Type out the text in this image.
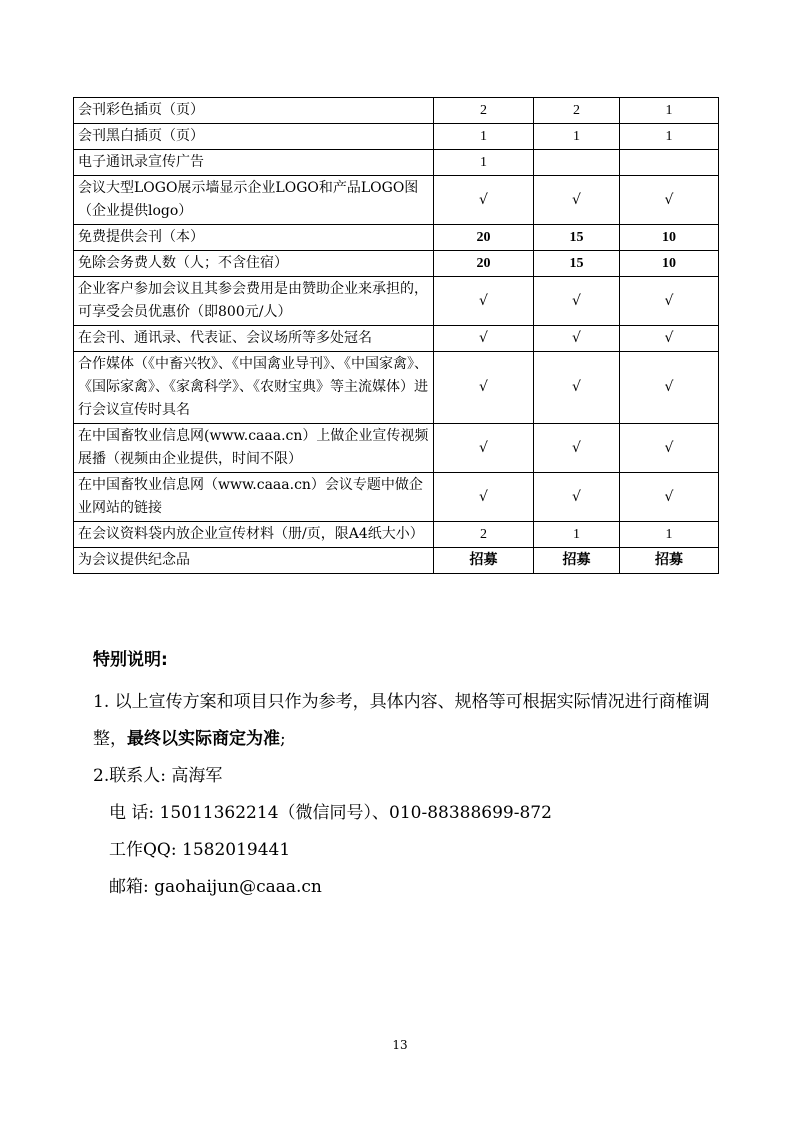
会刊彩色插页（页）	2	2	1
会刊黑白插页（页）	1	1	1
电子通讯录宣传广告	1		
会议大型LOGO展示墙显示企业LOGO和产品LOGO图（企业提供logo）	√	√	√
免费提供会刊（本）	20	15	10
免除会务费人数（人；不含住宿）	20	15	10
企业客户参加会议且其参会费用是由赞助企业来承担的，可享受会员优惠价（即800元/人）	√	√	√
在会刊、通讯录、代表证、会议场所等多处冠名	√	√	√
合作媒体（《中畜兴牧》、《中国禽业导刊》、《中国家禽》、《国际家禽》、《家禽科学》、《农财宝典》等主流媒体）进行会议宣传时具名	√	√	√
在中国畜牧业信息网(www.caaa.cn）上做企业宣传视频展播（视频由企业提供，时间不限）	√	√	√
在中国畜牧业信息网（www.caaa.cn）会议专题中做企业网站的链接	√	√	√
在会议资料袋内放企业宣传材料（册/页，限A4纸大小）	2	1	1
为会议提供纪念品	招募	招募	招募
特别说明:

1. 以上宣传方案和项目只作为参考，具体内容、规格等可根据实际情况进行商榷调整，最终以实际商定为准;

2.联系人: 高海军

电 话: 15011362214（微信同号）、010-88388699-872

工作QQ: 1582019441

邮箱: gaohaijun@caaa.cn

13
